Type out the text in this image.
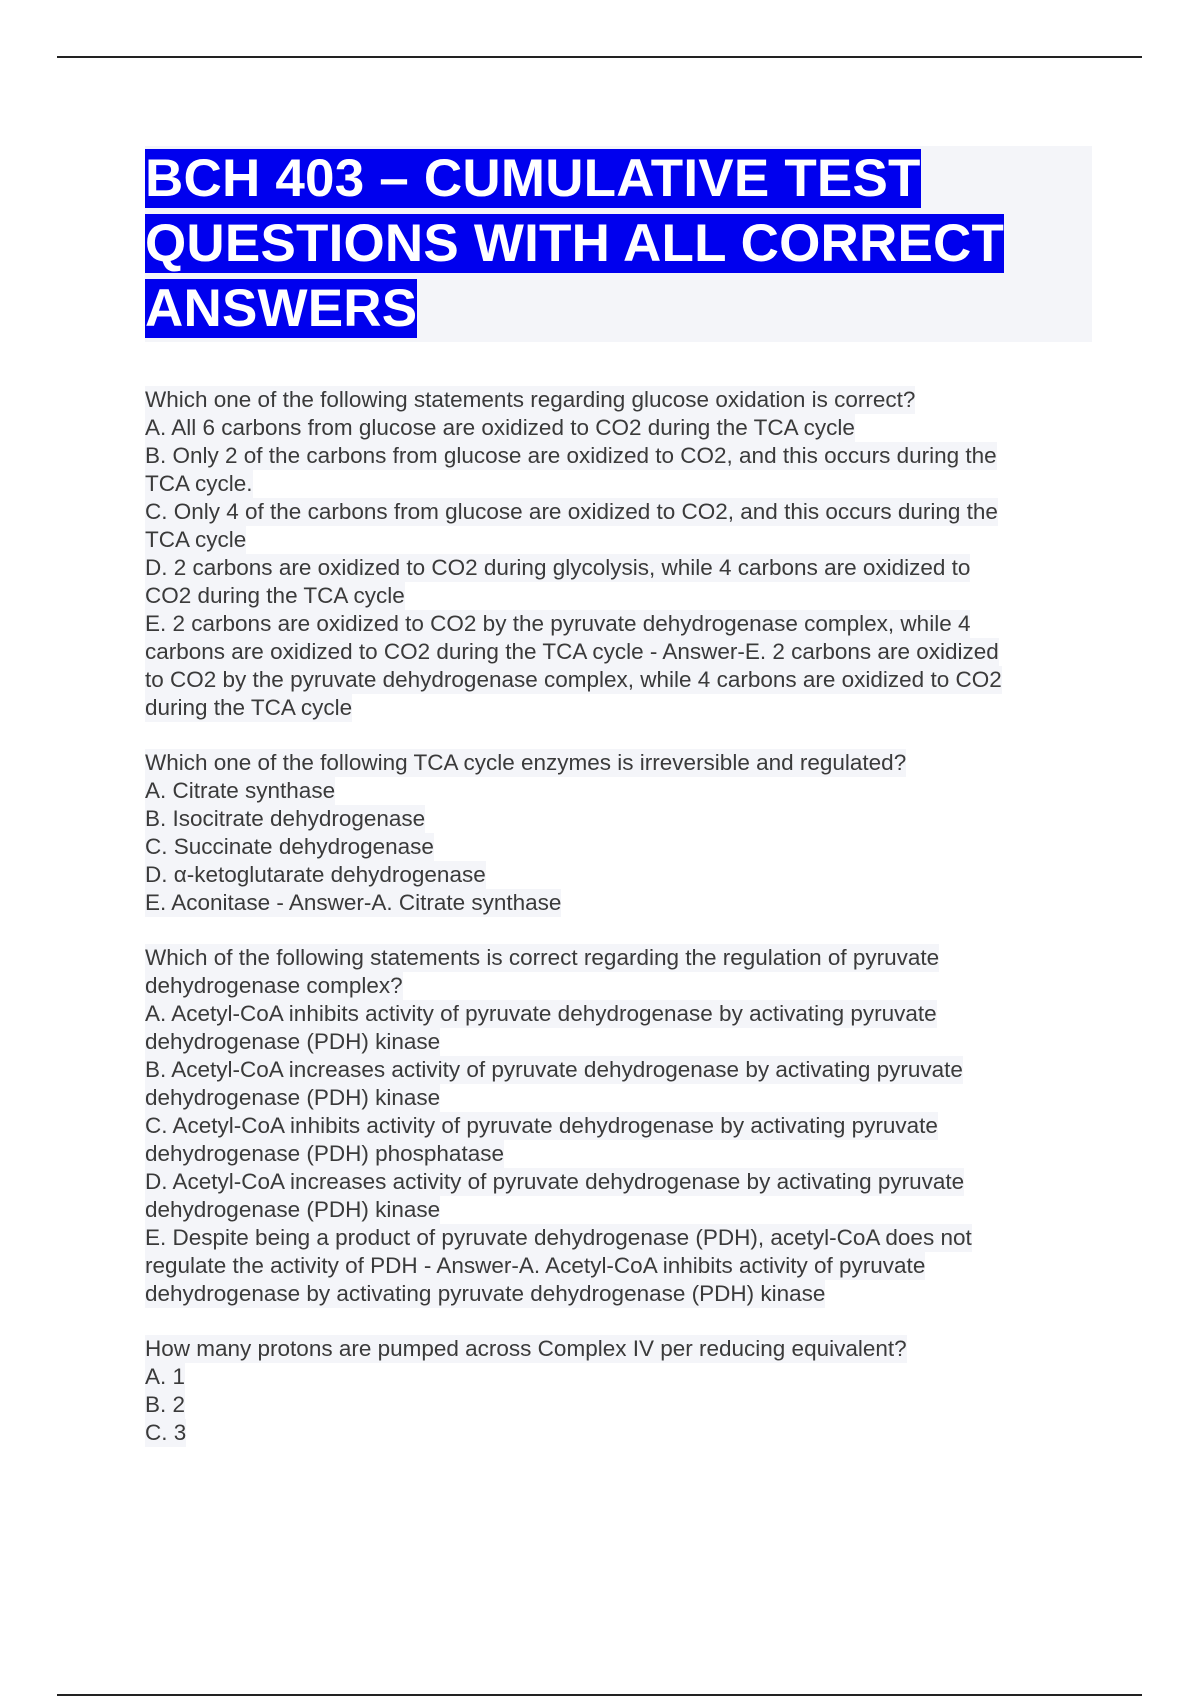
BCH 403 – CUMULATIVE TEST
QUESTIONS WITH ALL CORRECT
ANSWERS
Which one of the following statements regarding glucose oxidation is correct?
A. All 6 carbons from glucose are oxidized to CO2 during the TCA cycle
B. Only 2 of the carbons from glucose are oxidized to CO2, and this occurs during the
TCA cycle.
C. Only 4 of the carbons from glucose are oxidized to CO2, and this occurs during the
TCA cycle
D. 2 carbons are oxidized to CO2 during glycolysis, while 4 carbons are oxidized to
CO2 during the TCA cycle
E. 2 carbons are oxidized to CO2 by the pyruvate dehydrogenase complex, while 4
carbons are oxidized to CO2 during the TCA cycle - Answer-E. 2 carbons are oxidized
to CO2 by the pyruvate dehydrogenase complex, while 4 carbons are oxidized to CO2
during the TCA cycle
Which one of the following TCA cycle enzymes is irreversible and regulated?
A. Citrate synthase
B. Isocitrate dehydrogenase
C. Succinate dehydrogenase
D. α-ketoglutarate dehydrogenase
E. Aconitase - Answer-A. Citrate synthase
Which of the following statements is correct regarding the regulation of pyruvate
dehydrogenase complex?
A. Acetyl-CoA inhibits activity of pyruvate dehydrogenase by activating pyruvate
dehydrogenase (PDH) kinase
B. Acetyl-CoA increases activity of pyruvate dehydrogenase by activating pyruvate
dehydrogenase (PDH) kinase
C. Acetyl-CoA inhibits activity of pyruvate dehydrogenase by activating pyruvate
dehydrogenase (PDH) phosphatase
D. Acetyl-CoA increases activity of pyruvate dehydrogenase by activating pyruvate
dehydrogenase (PDH) kinase
E. Despite being a product of pyruvate dehydrogenase (PDH), acetyl-CoA does not
regulate the activity of PDH - Answer-A. Acetyl-CoA inhibits activity of pyruvate
dehydrogenase by activating pyruvate dehydrogenase (PDH) kinase
How many protons are pumped across Complex IV per reducing equivalent?
A. 1
B. 2
C. 3
